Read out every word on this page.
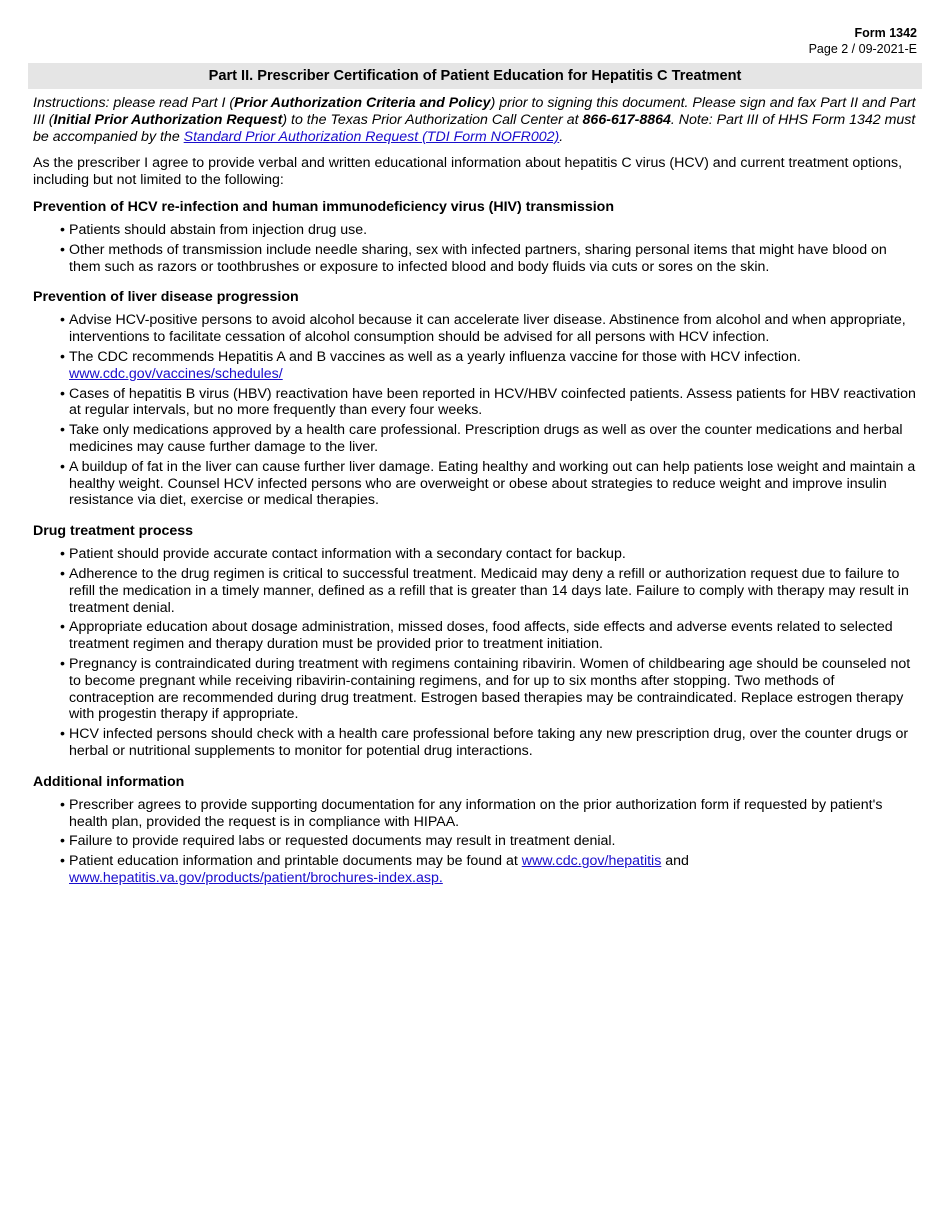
Form 1342
Page 2 / 09-2021-E
Part II. Prescriber Certification of Patient Education for Hepatitis C Treatment

Instructions: please read Part I (Prior Authorization Criteria and Policy) prior to signing this document. Please sign and fax Part II and Part III (Initial Prior Authorization Request) to the Texas Prior Authorization Call Center at 866-617-8864. Note: Part III of HHS Form 1342 must be accompanied by the Standard Prior Authorization Request (TDI Form NOFR002).

As the prescriber I agree to provide verbal and written educational information about hepatitis C virus (HCV) and current treatment options, including but not limited to the following:

Prevention of HCV re-infection and human immunodeficiency virus (HIV) transmission
• Patients should abstain from injection drug use.
• Other methods of transmission include needle sharing, sex with infected partners, sharing personal items that might have blood on them such as razors or toothbrushes or exposure to infected blood and body fluids via cuts or sores on the skin.
Prevention of liver disease progression
• Advise HCV-positive persons to avoid alcohol because it can accelerate liver disease. Abstinence from alcohol and when appropriate, interventions to facilitate cessation of alcohol consumption should be advised for all persons with HCV infection.
• The CDC recommends Hepatitis A and B vaccines as well as a yearly influenza vaccine for those with HCV infection. www.cdc.gov/vaccines/schedules/
• Cases of hepatitis B virus (HBV) reactivation have been reported in HCV/HBV coinfected patients. Assess patients for HBV reactivation at regular intervals, but no more frequently than every four weeks.
• Take only medications approved by a health care professional. Prescription drugs as well as over the counter medications and herbal medicines may cause further damage to the liver.
• A buildup of fat in the liver can cause further liver damage. Eating healthy and working out can help patients lose weight and maintain a healthy weight. Counsel HCV infected persons who are overweight or obese about strategies to reduce weight and improve insulin resistance via diet, exercise or medical therapies.
Drug treatment process
• Patient should provide accurate contact information with a secondary contact for backup.
• Adherence to the drug regimen is critical to successful treatment. Medicaid may deny a refill or authorization request due to failure to refill the medication in a timely manner, defined as a refill that is greater than 14 days late. Failure to comply with therapy may result in treatment denial.
• Appropriate education about dosage administration, missed doses, food affects, side effects and adverse events related to selected treatment regimen and therapy duration must be provided prior to treatment initiation.
• Pregnancy is contraindicated during treatment with regimens containing ribavirin. Women of childbearing age should be counseled not to become pregnant while receiving ribavirin-containing regimens, and for up to six months after stopping. Two methods of contraception are recommended during drug treatment. Estrogen based therapies may be contraindicated. Replace estrogen therapy with progestin therapy if appropriate.
• HCV infected persons should check with a health care professional before taking any new prescription drug, over the counter drugs or herbal or nutritional supplements to monitor for potential drug interactions.
Additional information
• Prescriber agrees to provide supporting documentation for any information on the prior authorization form if requested by patient's health plan, provided the request is in compliance with HIPAA.
• Failure to provide required labs or requested documents may result in treatment denial.
• Patient education information and printable documents may be found at www.cdc.gov/hepatitis and www.hepatitis.va.gov/products/patient/brochures-index.asp.
